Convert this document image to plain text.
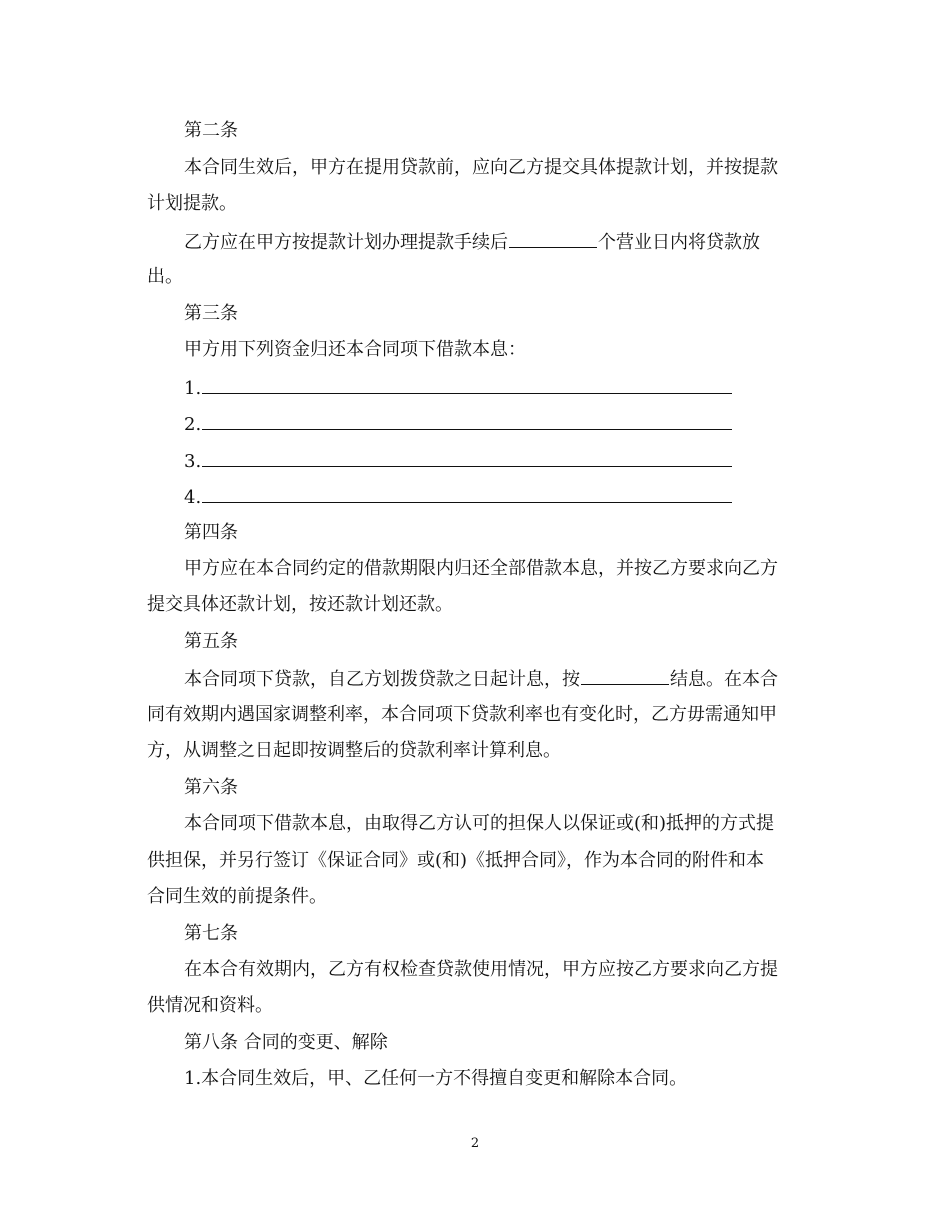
第二条
本合同生效后，甲方在提用贷款前，应向乙方提交具体提款计划，并按提款
计划提款。
乙方应在甲方按提款计划办理提款手续后	个营业日内将贷款放
出。
第三条
甲方用下列资金归还本合同项下借款本息：
1.
2.
3.
4.
第四条
甲方应在本合同约定的借款期限内归还全部借款本息，并按乙方要求向乙方
提交具体还款计划，按还款计划还款。
第五条
本合同项下贷款，自乙方划拨贷款之日起计息，按	结息。在本合
同有效期内遇国家调整利率，本合同项下贷款利率也有变化时，乙方毋需通知甲
方，从调整之日起即按调整后的贷款利率计算利息。
第六条
本合同项下借款本息，由取得乙方认可的担保人以保证或(和)抵押的方式提
供担保，并另行签订《保证合同》或(和)《抵押合同》，作为本合同的附件和本
合同生效的前提条件。
第七条
在本合有效期内，乙方有权检查贷款使用情况，甲方应按乙方要求向乙方提
供情况和资料。
第八条 合同的变更、解除
1.本合同生效后，甲、乙任何一方不得擅自变更和解除本合同。
2
